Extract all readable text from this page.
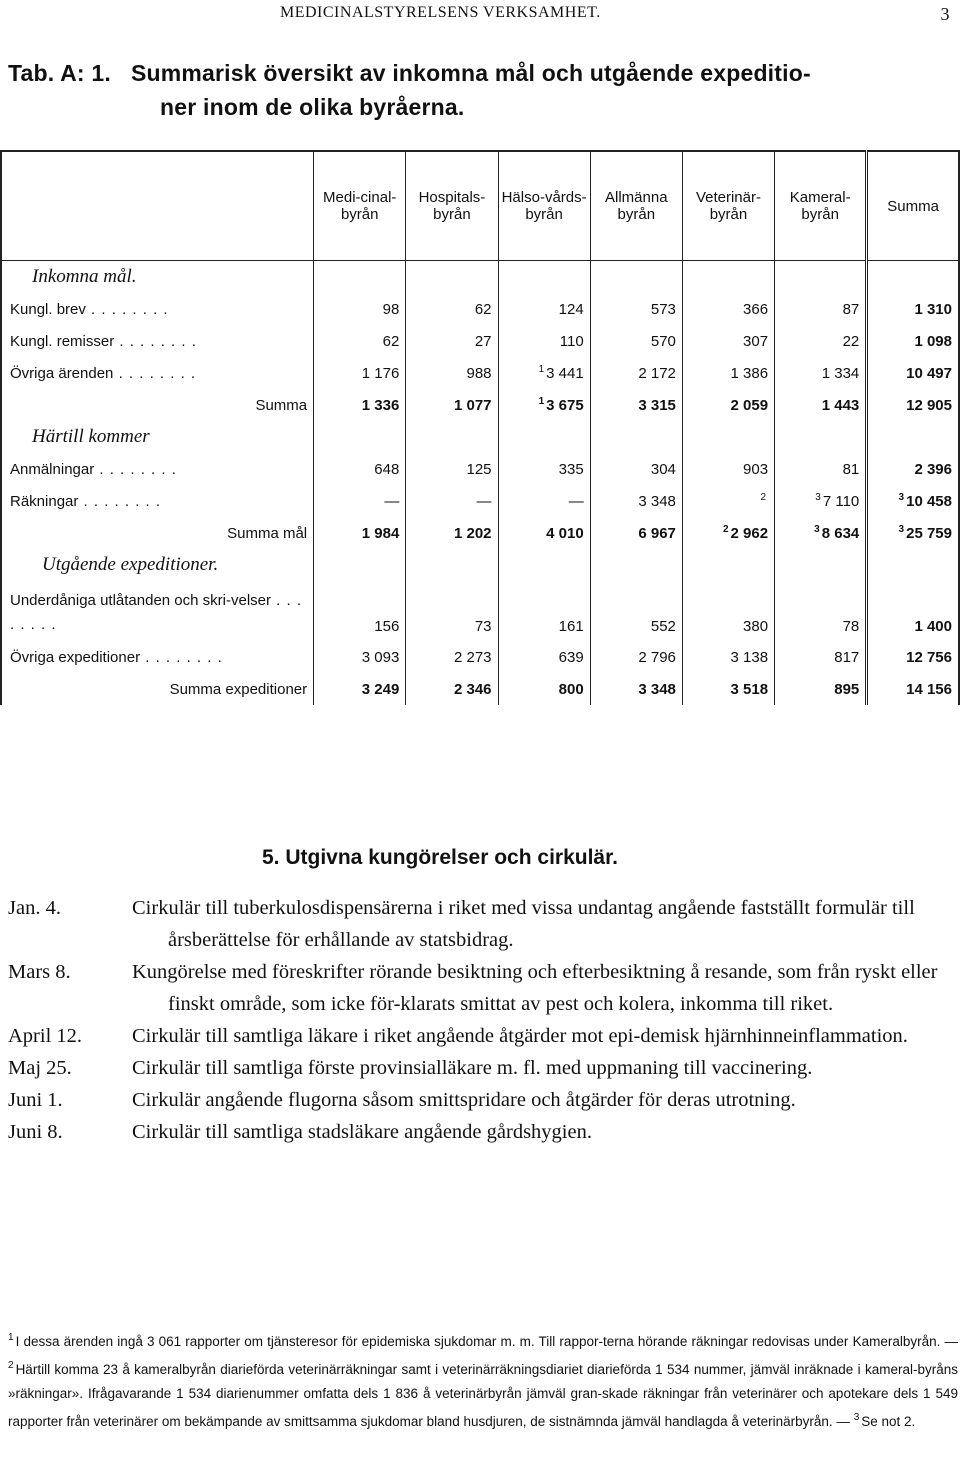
MEDICINALSTYRELSENS VERKSAMHET.	3
Tab. A: 1. Summarisk översikt av inkomna mål och utgående expeditio-
ner inom de olika byråerna.
	Medi-cinal-byrån	Hospitals-byrån	Hälso-vårds-byrån	Allmänna byrån	Veterinär-byrån	Kameral-byrån	Summa
Inkomna mål.							
Kungl. brev . . .	98	62	124	573	366	87	1 310
Kungl. remisser . . .	62	27	110	570	307	22	1 098
Övriga ärenden . . .	1 176	988	$^1$ 3 441	2 172	1 386	1 334	10 497
Summa	1 336	1 077	$^1$ 3 675	3 315	2 059	1 443	12 905
Härtill kommer							
Anmälningar . . .	648	125	335	304	903	81	2 396
Räkningar . . .	—	—	—	3 348	$^2$	$^3$ 7 110	$^3$ 10 458
Summa mål	1 984	1 202	4 010	6 967	$^2$ 2 962	$^3$ 8 634	$^3$ 25 759
Utgående expeditioner.							
Underdåniga utlåtanden och skri-velser . . .	156	73	161	552	380	78	1 400
Övriga expeditioner . . .	3 093	2 273	639	2 796	3 138	817	12 756
Summa expeditioner	3 249	2 346	800	3 348	3 518	895	14 156
5. Utgivna kungörelser och cirkulär.
Jan. 4.	Cirkulär till tuberkulosdispensärerna i riket med vissa undantag angående fastställt formulär till årsberättelse för erhållande av statsbidrag.
Mars 8.	Kungörelse med föreskrifter rörande besiktning och efterbesiktning å resande, som från ryskt eller finskt område, som icke för-klarats smittat av pest och kolera, inkomma till riket.
April 12.	Cirkulär till samtliga läkare i riket angående åtgärder mot epi-demisk hjärnhinneinflammation.
Maj 25.	Cirkulär till samtliga förste provinsialläkare m. fl. med uppmaning till vaccinering.
Juni 1.	Cirkulär angående flugorna såsom smittspridare och åtgärder för deras utrotning.
Juni 8.	Cirkulär till samtliga stadsläkare angående gårdshygien.
$^1$ I dessa ärenden ingå 3 061 rapporter om tjänsteresor för epidemiska sjukdomar m. m. Till rappor-terna hörande räkningar redovisas under Kameralbyrån. — $^2$ Härtill komma 23 å kameralbyrån diarieförda veterinärräkningar samt i veterinärräkningsdiariet diarieförda 1 534 nummer, jämväl inräknade i kameral-byråns »räkningar». Ifrågavarande 1 534 diarienummer omfatta dels 1 836 å veterinärbyrån jämväl gran-skade räkningar från veterinärer och apotekare dels 1 549 rapporter från veterinärer om bekämpande av smittsamma sjukdomar bland husdjuren, de sistnämnda jämväl handlagda å veterinärbyrån. — $^3$ Se not 2.
